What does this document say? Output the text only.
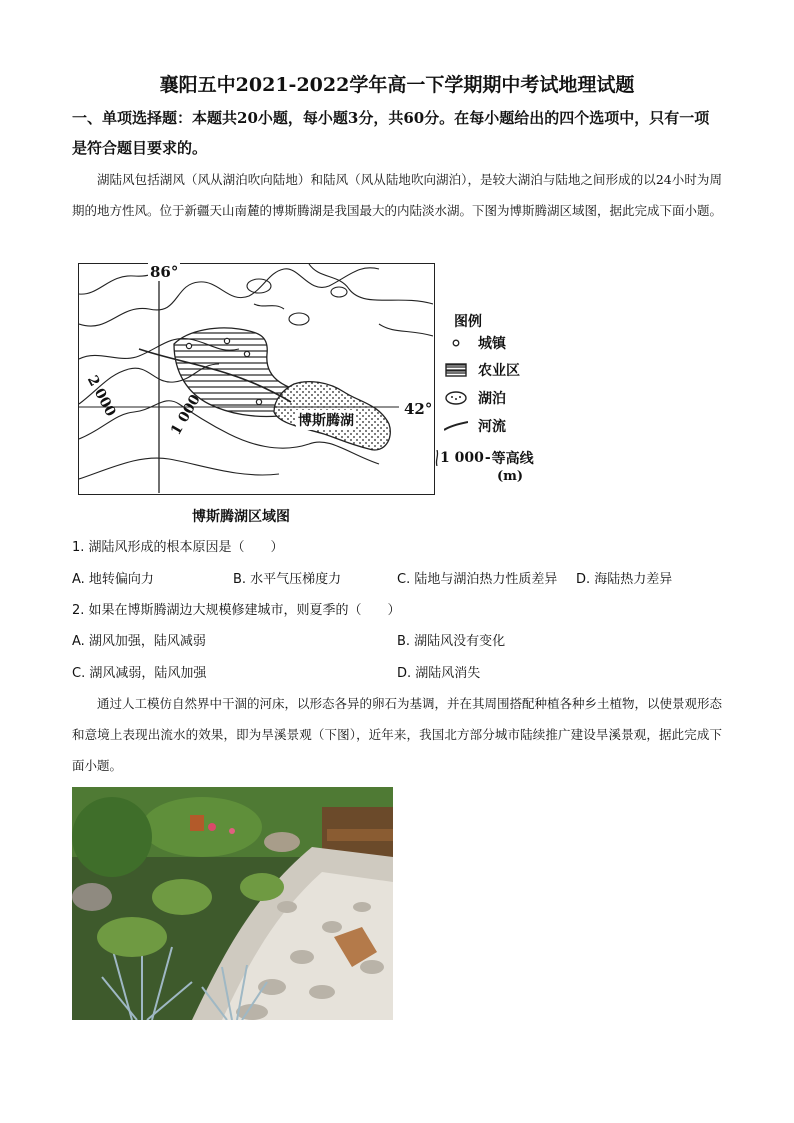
襄阳五中2021-2022学年高一下学期期中考试地理试题
一、单项选择题：本题共20小题，每小题3分，共60分。在每小题给出的四个选项中，只有一项是符合题目要求的。
湖陆风包括湖风（风从湖泊吹向陆地）和陆风（风从陆地吹向湖泊），是较大湖泊与陆地之间形成的以24小时为周期的地方性风。位于新疆天山南麓的博斯腾湖是我国最大的内陆淡水湖。下图为博斯腾湖区域图，据此完成下面小题。
86°
42°
2 000	1 000	博斯腾湖
图例
城镇
农业区
湖泊
河流
1 000 - 等高线
(m)
博斯腾湖区域图
1. 湖陆风形成的根本原因是（　　）
A. 地转偏向力	B. 水平气压梯度力	C. 陆地与湖泊热力性质差异 D. 海陆热力差异
2. 如果在博斯腾湖边大规模修建城市，则夏季的（　　）
A. 湖风加强，陆风减弱	B. 湖陆风没有变化
C. 湖风减弱，陆风加强	D. 湖陆风消失
通过人工模仿自然界中干涸的河床，以形态各异的卵石为基调，并在其周围搭配种植各种乡土植物，以使景观形态和意境上表现出流水的效果，即为旱溪景观（下图），近年来，我国北方部分城市陆续推广建设旱溪景观，据此完成下面小题。
